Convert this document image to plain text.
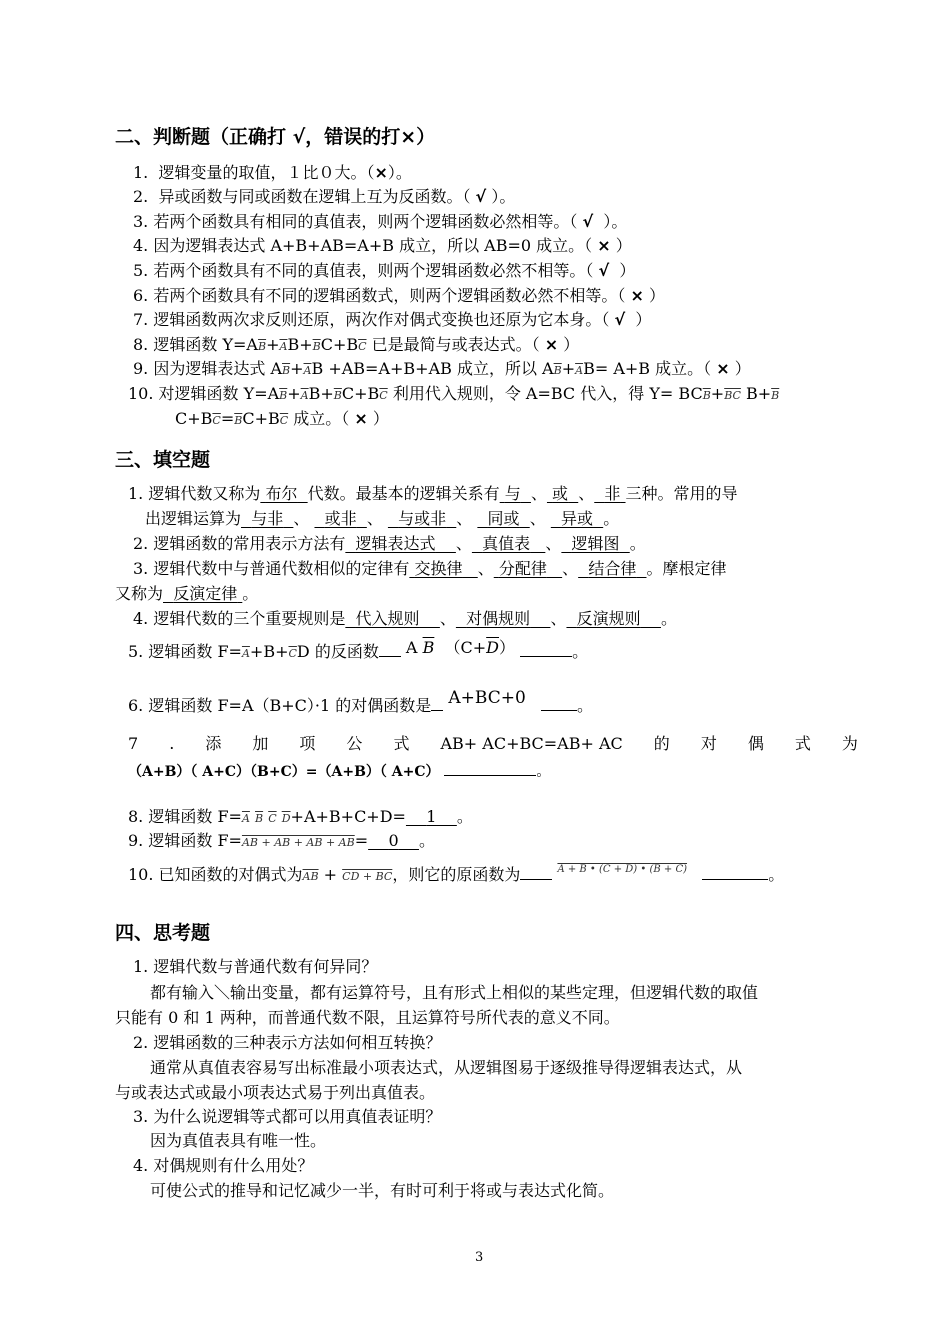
二、判断题（正确打 √，错误的打×）
1. 逻辑变量的取值，１比０大。（×）。
2. 异或函数与同或函数在逻辑上互为反函数。（ √ ）。
3. 若两个函数具有相同的真值表，则两个逻辑函数必然相等。（ √ ）。
4. 因为逻辑表达式 A+B+AB=A+B 成立，所以 AB=0 成立。（ × ）
5. 若两个函数具有不同的真值表，则两个逻辑函数必然不相等。（ √ ）
6. 若两个函数具有不同的逻辑函数式，则两个逻辑函数必然不相等。（ × ）
7. 逻辑函数两次求反则还原，两次作对偶式变换也还原为它本身。（ √ ）
8. 逻辑函数 $Y=A\overline{B}+\overline{A}B+\overline{B}C+B\overline{C}$ 已是最简与或表达式。（ × ）
9. 因为逻辑表达式 $A\overline{B}+\overline{A}B +AB=A+B+AB$ 成立，所以 $A\overline{B}+\overline{A}B= A+B$ 成立。（ × ）
10. 对逻辑函数 $Y=A\overline{B}+\overline{A}B+\overline{B}C+B\overline{C}$ 利用代入规则，令 A=BC 代入，得 $Y= BC\overline{B}+\overline{BC}$ $B+\overline{B}$
$C+B\overline{C}=\overline{B}C+B\overline{C}$ 成立。（ × ）
三、填空题
1. 逻辑代数又称为 布尔 代数。最基本的逻辑关系有 与 、 或 、 非 三种。常用的导
出逻辑运算为 与非 、   或非 、   与或非 、   同或 、   异或 。
2. 逻辑函数的常用表示方法有 逻辑表达式 、 真值表 、 逻辑图 。
3. 逻辑代数中与普通代数相似的定律有 交换律 、 分配律 、 结合律 。摩根定律
又称为 反演定律 。
4. 逻辑代数的三个重要规则是 代入规则 、 对偶规则 、 反演规则 。
5. 逻辑函数 $F=\overline{A}+B+\overline{C}D$ 的反函数 A $\overline{B}$ $(C+\overline{D})$	。
6. 逻辑函数 F=A（B+C）·1 的对偶函数是 A+BC+0	。
7 . 添 加 项 公 式 AB+ AC+BC=AB+ AC 的 对 偶 式 为
（A+B）（ A+C）（B+C）=（A+B）（ A+C）	。
8. 逻辑函数 $F=\overline{A}$ $\overline{B}$ $\overline{C}$ $\overline{D}+A+B+C+D= 1$ 。
9. 逻辑函数 F=AB + AB + AB + AB= 0 。
10. 已知函数的对偶式为$\overline{AB}$ + CD + BC，则它的原函数为	$^{A + B • (C + D) • (B + C)}$	。
四、思考题
1. 逻辑代数与普通代数有何异同？
都有输入＼输出变量，都有运算符号，且有形式上相似的某些定理，但逻辑代数的取值
只能有 0 和 1 两种，而普通代数不限，且运算符号所代表的意义不同。
2. 逻辑函数的三种表示方法如何相互转换？
通常从真值表容易写出标准最小项表达式，从逻辑图易于逐级推导得逻辑表达式，从
与或表达式或最小项表达式易于列出真值表。
3. 为什么说逻辑等式都可以用真值表证明？
因为真值表具有唯一性。
4. 对偶规则有什么用处？
可使公式的推导和记忆减少一半，有时可利于将或与表达式化简。
3
